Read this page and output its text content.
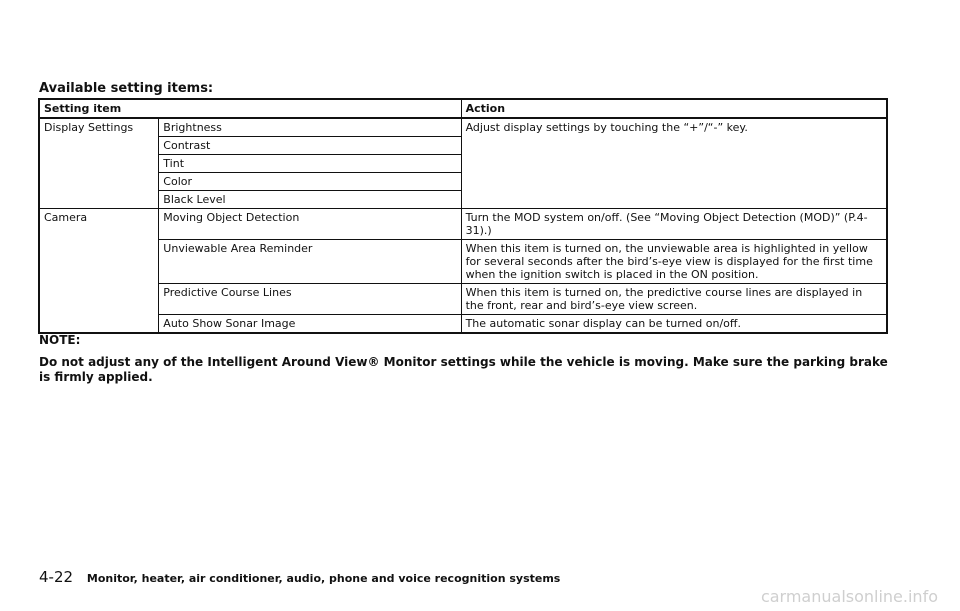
Available setting items:
Setting item		Action
Display Settings	Brightness	Adjust display settings by touching the “+”/“-” key.
	Contrast	
	Tint	
	Color	
	Black Level	
Camera	Moving Object Detection	Turn the MOD system on/off. (See “Moving Object Detection (MOD)” (P.4-31).)
	Unviewable Area Reminder	When this item is turned on, the unviewable area is highlighted in yellow for several seconds after the bird’s-eye view is displayed for the first time when the ignition switch is placed in the ON position.
	Predictive Course Lines	When this item is turned on, the predictive course lines are displayed in the front, rear and bird’s-eye view screen.
	Auto Show Sonar Image	The automatic sonar display can be turned on/off.

NOTE:

Do not adjust any of the Intelligent Around View® Monitor settings while the vehicle is moving. Make sure the parking brake is firmly applied.

4-22 Monitor, heater, air conditioner, audio, phone and voice recognition systems
carmanualsonline.info
